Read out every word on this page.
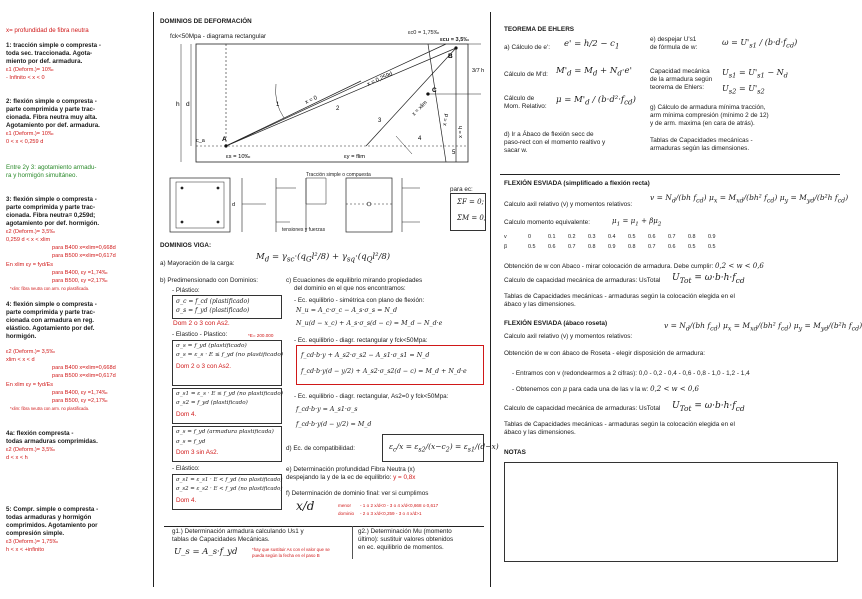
x= profundidad de fibra neutra
1: tracción simple o compresta -
toda sec. traccionada. Agota-
miento por def. armadura.
ε1 (Deform.)= 10‰
- Infinito < x < 0
2: flexión simple o compresta -
parte comprimida y parte trac-
cionada. Fibra neutra muy alta.
Agotamiento por def. armadura.
ε1 (Deform.)= 10‰
0 < x < 0,259 d
Entre 2y 3: agotamiento armadu-
ra y hormigón simultáneo.
3: flexión simple o compresta -
parte comprimida y parte trac-
cionada. Fibra neutra= 0,259d;
agotamiento por def. hormigón.
ε2 (Deform.)= 3,5‰
0,259 d < x < xlim
para B400 x=xlim=0,668d
para B500 x=xlim=0,617d
En xlim εy = fyd/Es
para B400, εy =1,74‰
para B500, εy =2,17‰
*xlim: fibra neutra con arm. no plastificada.
4: flexión simple o compresta -
parte comprimida y parte trac-
cionada con armadura en reg.
elástico. Agotamiento por def.
hormigón.
ε2 (Deform.)= 3,5‰
xlim < x < d
para B400 x=xlim=0,668d
para B500 x=xlim=0,617d
En xlim εy = fyd/Es
para B400, εy =1,74‰
para B500, εy =2,17‰
*xlim: fibra neutra con arm. no plastificada.
4a: flexión compresta -
todas armaduras comprimidas.
ε2 (Deform.)= 3,5‰
d < x < h
5: Compr. simple o compresta -
todas armaduras y hormigón
comprimidos. Agotamiento por
compresión simple.
ε3 (Deform.)= 1,75‰
h < x < +infinito
DOMINIOS DE DEFORMACIÓN
fck<50Mpa - diagrama rectangular
h d
c_a	A
εs = 10‰	εy = flim
B
C
x = 0
x = 0,259d
x = xlim
x = d
x = h
3/7 h
1
2
3
4
5
εc0 = 1,75‰
εcu = 3,5‰
d
Tracción simple o compuesta
tensiones y fuerzas
para ec:
ΣF = 0;
ΣM = 0;
DOMINIOS VIGA:
a) Mayoración de la carga:
$M_d = \gamma_{sc}\cdot(q_Gl^2/8) + \gamma_{sq}\cdot(q_Ql^2/8)$
b) Predimensionado con Dominios:
- Plástico:
σ_c = f_cd (plastificado)
σ_s = f_yd (plastificado)
Dom 2 o 3 con As2.
- Elastico - Plastico:	*E= 200.000
σ_s = f_yd (plastificado)
σ_s = ε_s · E ≤ f_yd (no plastificado)
Dom 2 o 3 con As2.
σ_s1 = ε_s · E ≤ f_yd (no plastificado)
σ_s2 = f_yd (plastificado)
Dom 4.
σ_s = f_yd (armadura plastificada)
σ_s = f_yd
Dom 3 sin As2.
- Elástico:
σ_s1 = ε_s1 · E < f_yd (no plastificado)
σ_s2 = ε_s2 · E < f_yd (no plastificado)
Dom 4.
c) Ecuaciones de equilibrio mirando propiedades
del dominio en el que nos encontramos:
- Ec. equilibrio - simétrica con plano de flexión:
N_u = A_c·σ_c − A_s·σ_s = N_d
N_u(d − x_c) + A_s·σ_s(d − c) = M_d − N_d·e
- Ec. equilibrio - diagr. rectangular y fck<50Mpa:
f_cd·b·y + A_s2·σ_s2 − A_s1·σ_s1 = N_d
f_cd·b·y(d − y/2) + A_s2·σ_s2(d − c) = M_d + N_d·e
- Ec. equilibrio - diagr. rectangular, As2=0 y fck<50Mpa:
f_cd·b·y = A_s1·σ_s
f_cd·b·y(d − y/2) = M_d
d) Ec. de compatibilidad:	$\varepsilon_c/x = \varepsilon_{s2}/(x-c_2) = \varepsilon_{s1}/(d-x)$
e) Determinación profundidad Fibra Neutra (x)
despejando la y de la ec de equilibrio: y = 0,8x
f) Determinación de dominio final: ver si cumplimos
x/d	menor
dominio
- 1 o 2 x/d<0 - 3 o 4 x/d<0,668 o 0,617
- 2 o 3 x/d<0,259 - 3 o 4 x/d>1
g1.) Determinación armadura calculando Us1 y
tablas de Capacidades Mecánicas.
U_s = A_s·f_yd	*hay que sustituir As con el valor que se
pueda según la fecha en el paso B
g2.) Determinación Mu (momento
último): sustituir valores obtenidos
en ec. equilibrio de momentos.
TEOREMA DE EHLERS
a) Cálculo de e': $e' = h/2 - c_1$
Cálculo de M'd: $M'_d = M_d + N_d\cdot e'$
Cálculo de
Mom. Relativo:
$\mu = M'_d / (b\cdot d^2\cdot f_{cd})$
d) Ir a Ábaco de flexión secc de
paso-rect con el momento realtivo y
sacar w.
e) despejar U's1
de fórmula de w:
$\omega = U'_{s1} / (b\cdot d\cdot f_{cd})$
Capacidad mecánica
de la armadura según
teorema de Ehlers:
$U_{s1} = U'_{s1} - N_d$
$U_{s2} = U'_{s2}$
g) Cálculo de armadura mínima tracción,
arm mínima compresión (mínimo 2 de 12)
y de arm. maxima (en cara de atrás).
Tablas de Capacidades mecánicas -
armaduras según las dimensiones.
FLEXIÓN ESVIADA (simplificado a flexión recta)
Calculo axil relativo (v) y momentos relativos:
$v = N_d/(bh$ $f_{cd}$) $\mu_x = M_{xd}/(bh^2$ $f_{cd}$) $\mu_y = M_{yd}/(b^2h$ $f_{cd}$)
Calculo momento equivalente:	$\mu_1 = \mu_1 + \beta\mu_2$
v	0	0.1	0.2	0.3	0.4	0.5	0.6	0.7	0.8	0.9
β	0.5	0.6	0.7	0.8	0.9	0.8	0.7	0.6	0.5	0.5
Obtención de w con Abaco - mirar colocación de armadura. Debe cumplir: 0,2 < w < 0,6
Calculo de capacidad mecánica de armaduras: UsTotal $U_{Tot} = \omega\cdot b\cdot h\cdot f_{cd}$
Tablas de Capacidades mecánicas - armaduras según la colocación elegida en el
ábaco y las dimensiones.
FLEXIÓN ESVIADA (ábaco roseta)	$v = N_d/(bh$ $f_{cd}$) $\mu_x = M_{xd}/(bh^2$ $f_{cd}$) $\mu_y = M_{yd}/(b^2h$ $f_{cd}$)
Calculo axil relativo (v) y momentos relativos:
Obtención de w con ábaco de Roseta - elegir disposición de armadura:
- Entramos con v (redondearmos a 2 cifras): 0,0 - 0,2 - 0,4 - 0,6 - 0,8 - 1,0 - 1,2 - 1,4
- Obtenemos con μ para cada una de las v la w: 0,2 < w < 0,6
Calculo de capacidad mecánica de armaduras: UsTotal $U_{Tot} = \omega\cdot b\cdot h\cdot f_{cd}$
Tablas de Capacidades mecánicas - armaduras según la colocación elegida en el
ábaco y las dimensiones.
NOTAS
